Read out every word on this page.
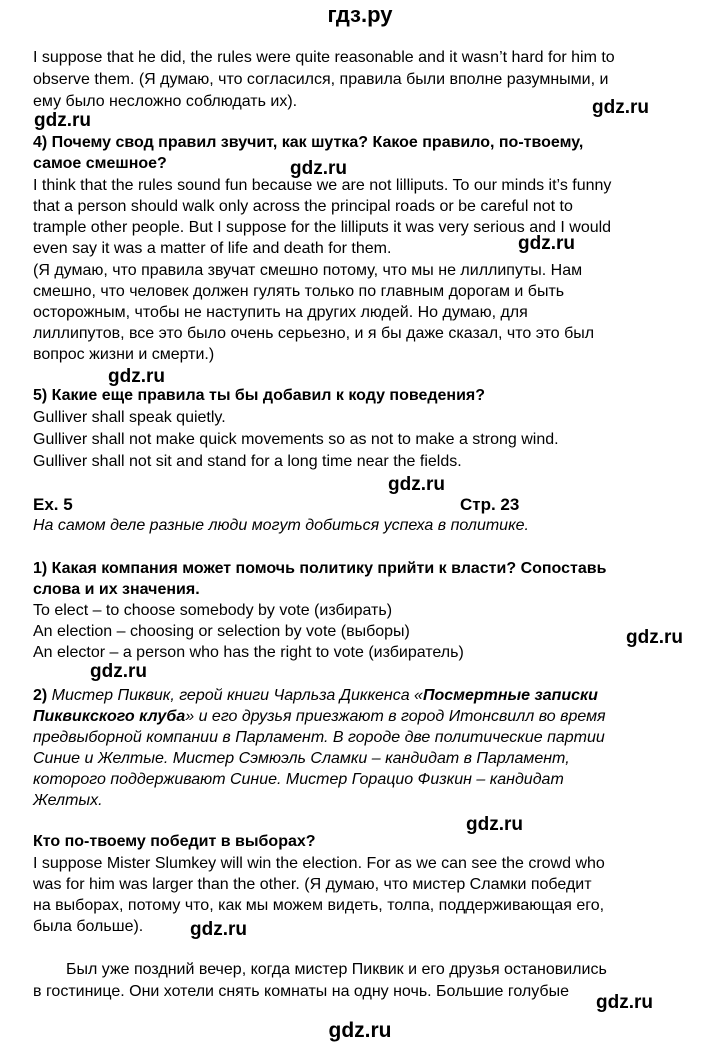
гдз.ру
I suppose that he did, the rules were quite reasonable and it wasn’t hard for him to
observe them. (Я думаю, что согласился, правила были вполне разумными, и
ему было несложно соблюдать их).
4) Почему свод правил звучит, как шутка? Какое правило, по-твоему,
самое смешное?
I think that the rules sound fun because we are not lilliputs. To our minds it’s funny
that a person should walk only across the principal roads or be careful not to
trample other people. But I suppose for the lilliputs it was very serious and I would
even say it was a matter of life and death for them.
(Я думаю, что правила звучат смешно потому, что мы не лиллипуты. Нам
смешно, что человек должен гулять только по главным дорогам и быть
осторожным, чтобы не наступить на других людей. Но думаю, для
лиллипутов, все это было очень серьезно, и я бы даже сказал, что это был
вопрос жизни и смерти.)
5) Какие еще правила ты бы добавил к коду поведения?
Gulliver shall speak quietly.
Gulliver shall not make quick movements so as not to make a strong wind.
Gulliver shall not sit and stand for a long time near the fields.
Ex. 5	Стр. 23
На самом деле разные люди могут добиться успеха в политике.
1) Какая компания может помочь политику прийти к власти? Сопоставь
слова и их значения.
To elect – to choose somebody by vote (избирать)
An election – choosing or selection by vote (выборы)
An elector – a person who has the right to vote (избиратель)
2) Мистер Пиквик, герой книги Чарльза Диккенса «Посмертные записки
Пиквикского клуба» и его друзья приезжают в город Итонсвилл во время
предвыборной компании в Парламент. В городе две политические партии
Синие и Желтые. Мистер Сэмюэль Сламки – кандидат в Парламент,
которого поддерживают Синие. Мистер Горацио Физкин – кандидат
Желтых.
Кто по-твоему победит в выборах?
I suppose Mister Slumkey will win the election. For as we can see the crowd who
was for him was larger than the other. (Я думаю, что мистер Сламки победит
на выборах, потому что, как мы можем видеть, толпа, поддерживающая его,
была больше).
Был уже поздний вечер, когда мистер Пиквик и его друзья остановились
в гостинице. Они хотели снять комнаты на одну ночь. Большие голубые
gdz.ru
gdz.ru
gdz.ru
gdz.ru
gdz.ru
gdz.ru
gdz.ru
gdz.ru
gdz.ru
gdz.ru
gdz.ru
gdz.ru
